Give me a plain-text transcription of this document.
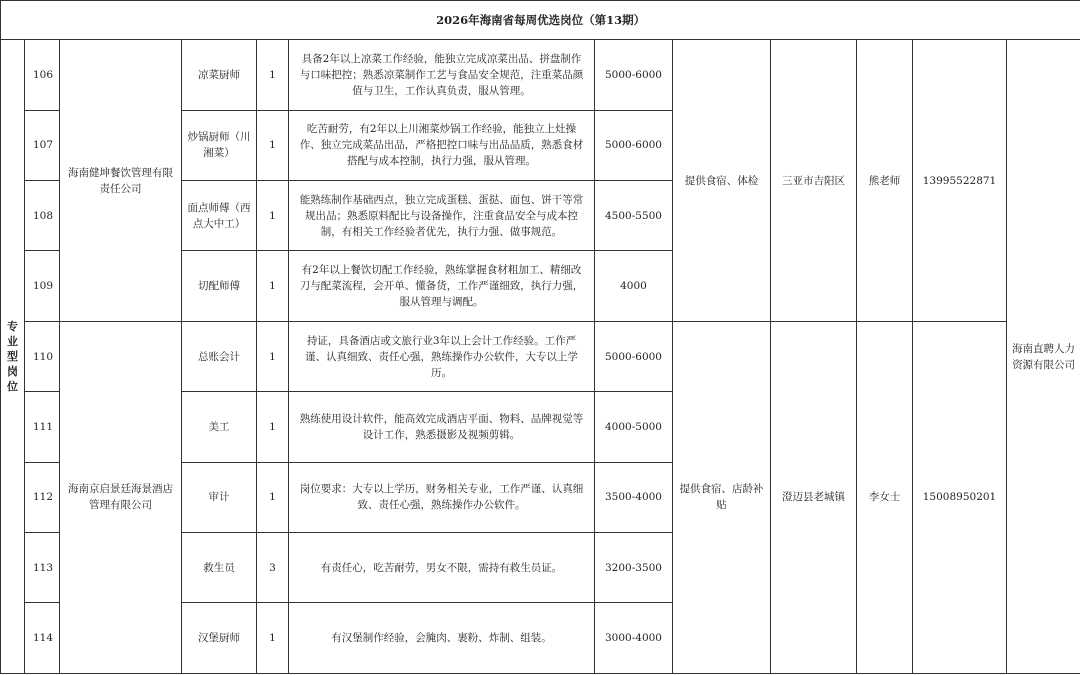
2026年海南省每周优选岗位（第13期）											

专业型岗位	106	海南健坤餐饮管理有限责任公司	凉菜厨师	1	具备2年以上凉菜工作经验，能独立完成凉菜出品、拼盘制作与口味把控；熟悉凉菜制作工艺与食品安全规范，注重菜品颜值与卫生，工作认真负责，服从管理。	5000-6000	提供食宿、体检	三亚市吉阳区	熊老师	13995522871	海南直聘人力资源有限公司
	107		炒锅厨师（川湘菜）	1	吃苦耐劳，有2年以上川湘菜炒锅工作经验，能独立上灶操作、独立完成菜品出品，严格把控口味与出品品质，熟悉食材搭配与成本控制，执行力强，服从管理。	5000-6000					
	108		面点师傅（西点大中工）	1	能熟练制作基础西点，独立完成蛋糕、蛋挞、面包、饼干等常规出品；熟悉原料配比与设备操作，注重食品安全与成本控制，有相关工作经验者优先，执行力强、做事规范。	4500-5500					
	109		切配师傅	1	有2年以上餐饮切配工作经验，熟练掌握食材粗加工、精细改刀与配菜流程，会开单、懂备货，工作严谨细致，执行力强，服从管理与调配。	4000					
	110	海南京启景廷海景酒店管理有限公司	总账会计	1	持证，具备酒店或文旅行业3年以上会计工作经验。工作严谨、认真细致、责任心强，熟练操作办公软件，大专以上学历。	5000-6000	提供食宿、店龄补贴	澄迈县老城镇	李女士	15008950201	
	111		美工	1	熟练使用设计软件，能高效完成酒店平面、物料、品牌视觉等设计工作，熟悉摄影及视频剪辑。	4000-5000					
	112		审计	1	岗位要求：大专以上学历，财务相关专业，工作严谨、认真细致、责任心强，熟练操作办公软件。	3500-4000					
	113		救生员	3	有责任心，吃苦耐劳，男女不限，需持有救生员证。	3200-3500					
	114		汉堡厨师	1	有汉堡制作经验，会腌肉、裹粉、炸制、组装。	3000-4000					
